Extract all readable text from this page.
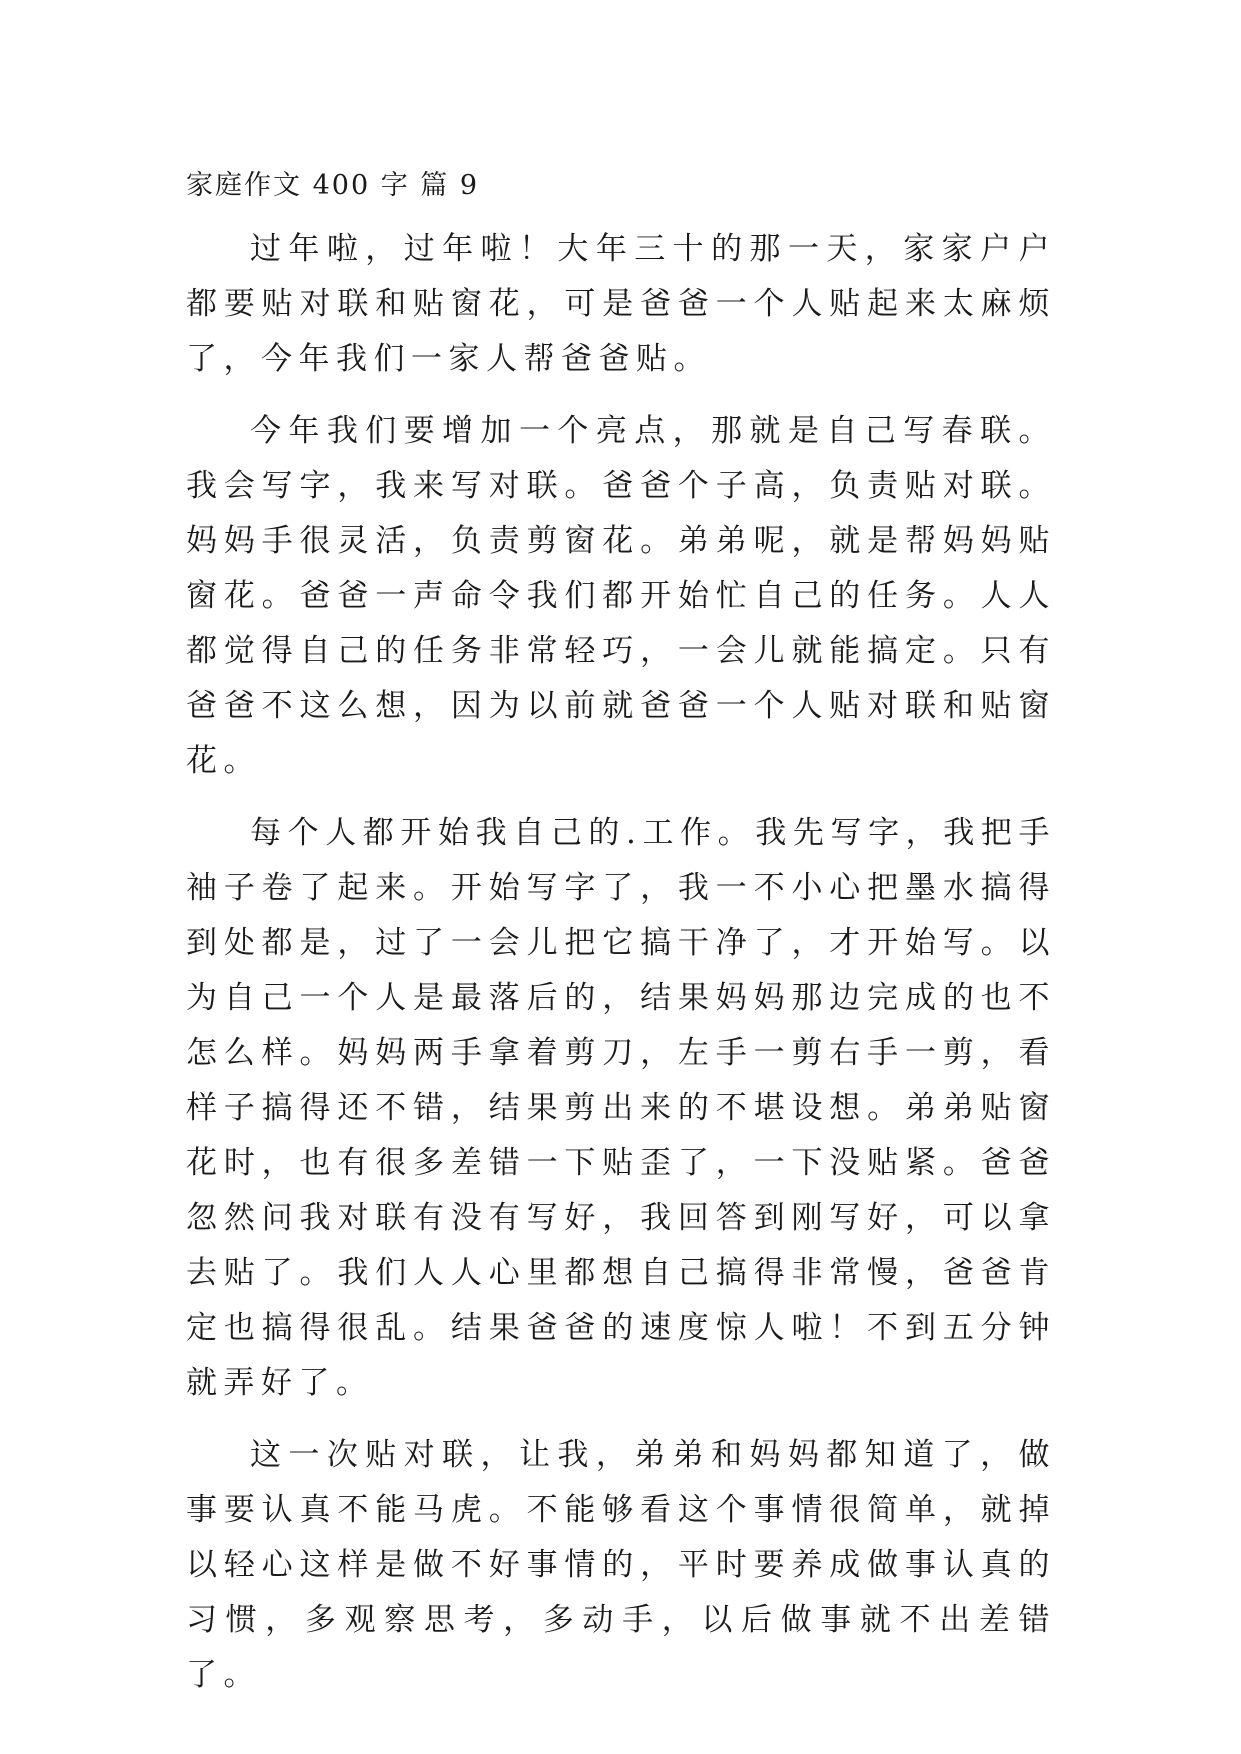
家庭作文 400 字 篇 9

过年啦，过年啦！大年三十的那一天，家家户户都要贴对联和贴窗花，可是爸爸一个人贴起来太麻烦了，今年我们一家人帮爸爸贴。

今年我们要增加一个亮点，那就是自己写春联。我会写字，我来写对联。爸爸个子高，负责贴对联。妈妈手很灵活，负责剪窗花。弟弟呢，就是帮妈妈贴窗花。爸爸一声命令我们都开始忙自己的任务。人人都觉得自己的任务非常轻巧，一会儿就能搞定。只有爸爸不这么想，因为以前就爸爸一个人贴对联和贴窗花。

每个人都开始我自己的.工作。我先写字，我把手袖子卷了起来。开始写字了，我一不小心把墨水搞得到处都是，过了一会儿把它搞干净了，才开始写。以为自己一个人是最落后的，结果妈妈那边完成的也不怎么样。妈妈两手拿着剪刀，左手一剪右手一剪，看样子搞得还不错，结果剪出来的不堪设想。弟弟贴窗花时，也有很多差错一下贴歪了，一下没贴紧。爸爸忽然问我对联有没有写好，我回答到刚写好，可以拿去贴了。我们人人心里都想自己搞得非常慢，爸爸肯定也搞得很乱。结果爸爸的速度惊人啦！不到五分钟就弄好了。

这一次贴对联，让我，弟弟和妈妈都知道了，做事要认真不能马虎。不能够看这个事情很简单，就掉以轻心这样是做不好事情的，平时要养成做事认真的习惯，多观察思考，多动手，以后做事就不出差错了。
